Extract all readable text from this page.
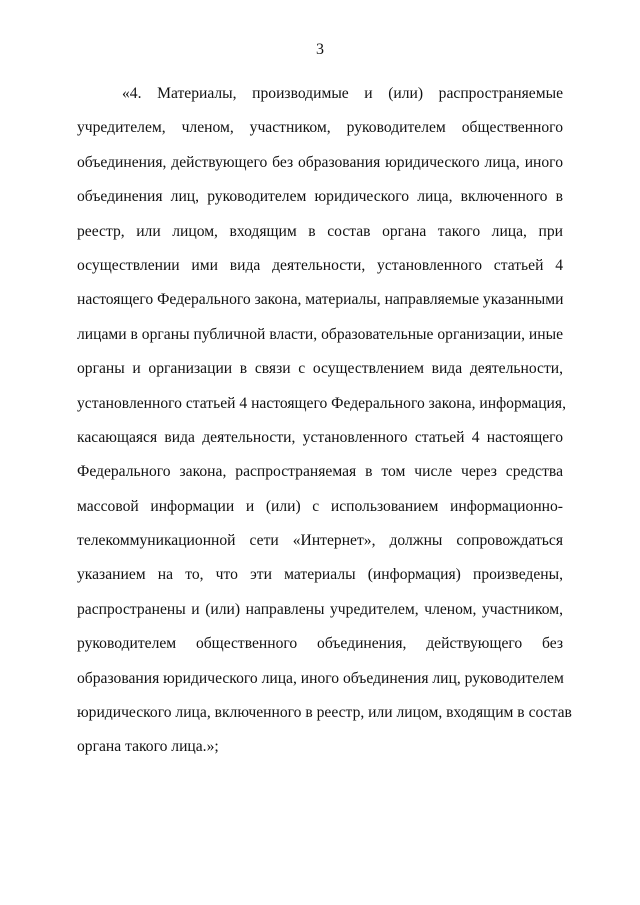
3
«4. Материалы, производимые и (или) распространяемые
учредителем, членом, участником, руководителем общественного
объединения, действующего без образования юридического лица, иного
объединения лиц, руководителем юридического лица, включенного в
реестр, или лицом, входящим в состав органа такого лица, при
осуществлении ими вида деятельности, установленного статьей 4
настоящего Федерального закона, материалы, направляемые указанными
лицами в органы публичной власти, образовательные организации, иные
органы и организации в связи с осуществлением вида деятельности,
установленного статьей 4 настоящего Федерального закона, информация,
касающаяся вида деятельности, установленного статьей 4 настоящего
Федерального закона, распространяемая в том числе через средства
массовой информации и (или) с использованием информационно-
телекоммуникационной сети «Интернет», должны сопровождаться
указанием на то, что эти материалы (информация) произведены,
распространены и (или) направлены учредителем, членом, участником,
руководителем общественного объединения, действующего без
образования юридического лица, иного объединения лиц, руководителем
юридического лица, включенного в реестр, или лицом, входящим в состав
органа такого лица.»;
